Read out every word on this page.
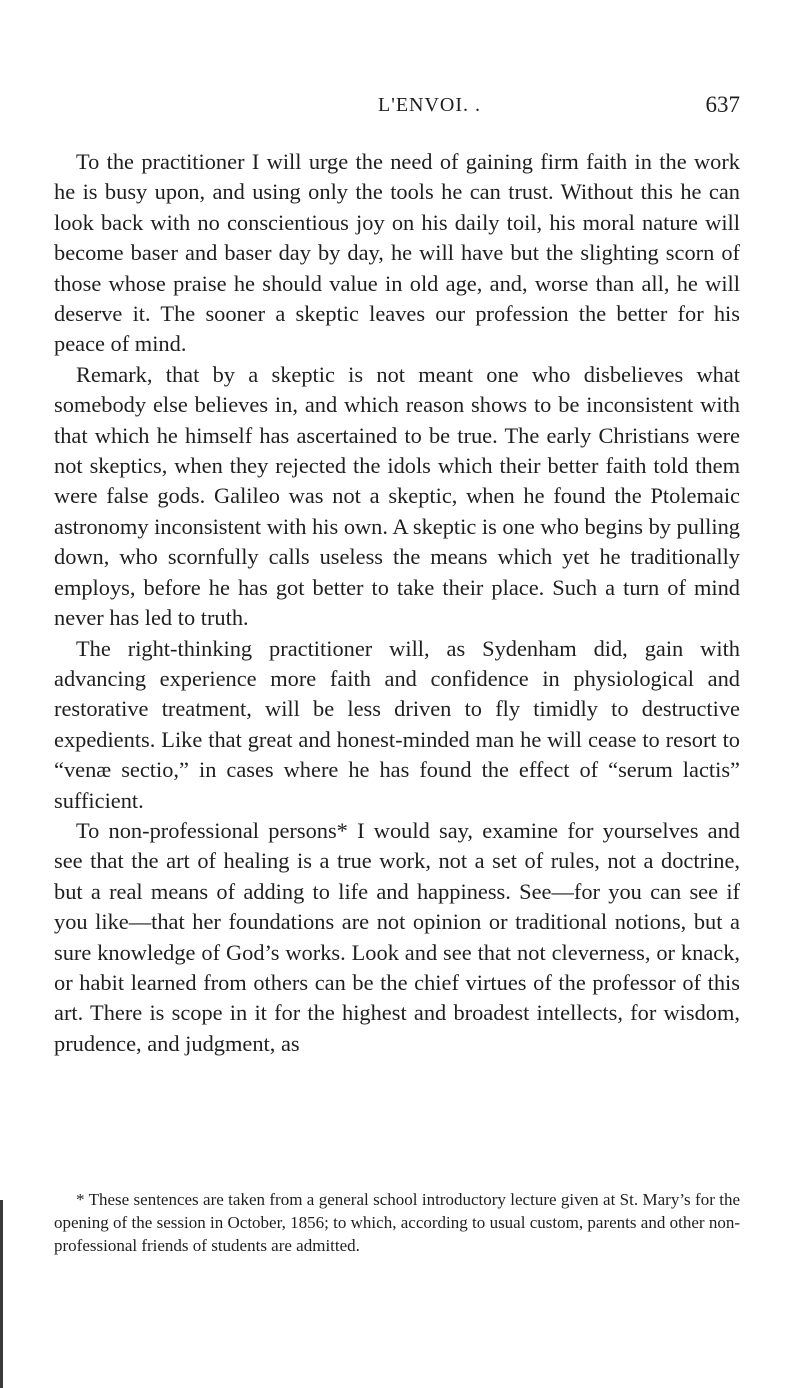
L'ENVOI. .	637

To the practitioner I will urge the need of gaining firm faith in the work he is busy upon, and using only the tools he can trust. Without this he can look back with no conscientious joy on his daily toil, his moral nature will become baser and baser day by day, he will have but the slighting scorn of those whose praise he should value in old age, and, worse than all, he will deserve it. The sooner a skeptic leaves our profession the better for his peace of mind.

Remark, that by a skeptic is not meant one who disbelieves what somebody else believes in, and which reason shows to be inconsistent with that which he himself has ascertained to be true. The early Christians were not skeptics, when they rejected the idols which their better faith told them were false gods. Galileo was not a skeptic, when he found the Ptolemaic astronomy inconsistent with his own. A skeptic is one who begins by pulling down, who scornfully calls useless the means which yet he traditionally employs, before he has got better to take their place. Such a turn of mind never has led to truth.

The right-thinking practitioner will, as Sydenham did, gain with advancing experience more faith and confidence in physiological and restorative treatment, will be less driven to fly timidly to destructive expedients. Like that great and honest-minded man he will cease to resort to “venæ sectio,” in cases where he has found the effect of “serum lactis” sufficient.

To non-professional persons* I would say, examine for yourselves and see that the art of healing is a true work, not a set of rules, not a doctrine, but a real means of adding to life and happiness. See—for you can see if you like—that her foundations are not opinion or traditional notions, but a sure knowledge of God’s works. Look and see that not cleverness, or knack, or habit learned from others can be the chief virtues of the professor of this art. There is scope in it for the highest and broadest intellects, for wisdom, prudence, and judgment, as

* These sentences are taken from a general school introductory lecture given at St. Mary’s for the opening of the session in October, 1856; to which, according to usual custom, parents and other non-professional friends of students are admitted.
